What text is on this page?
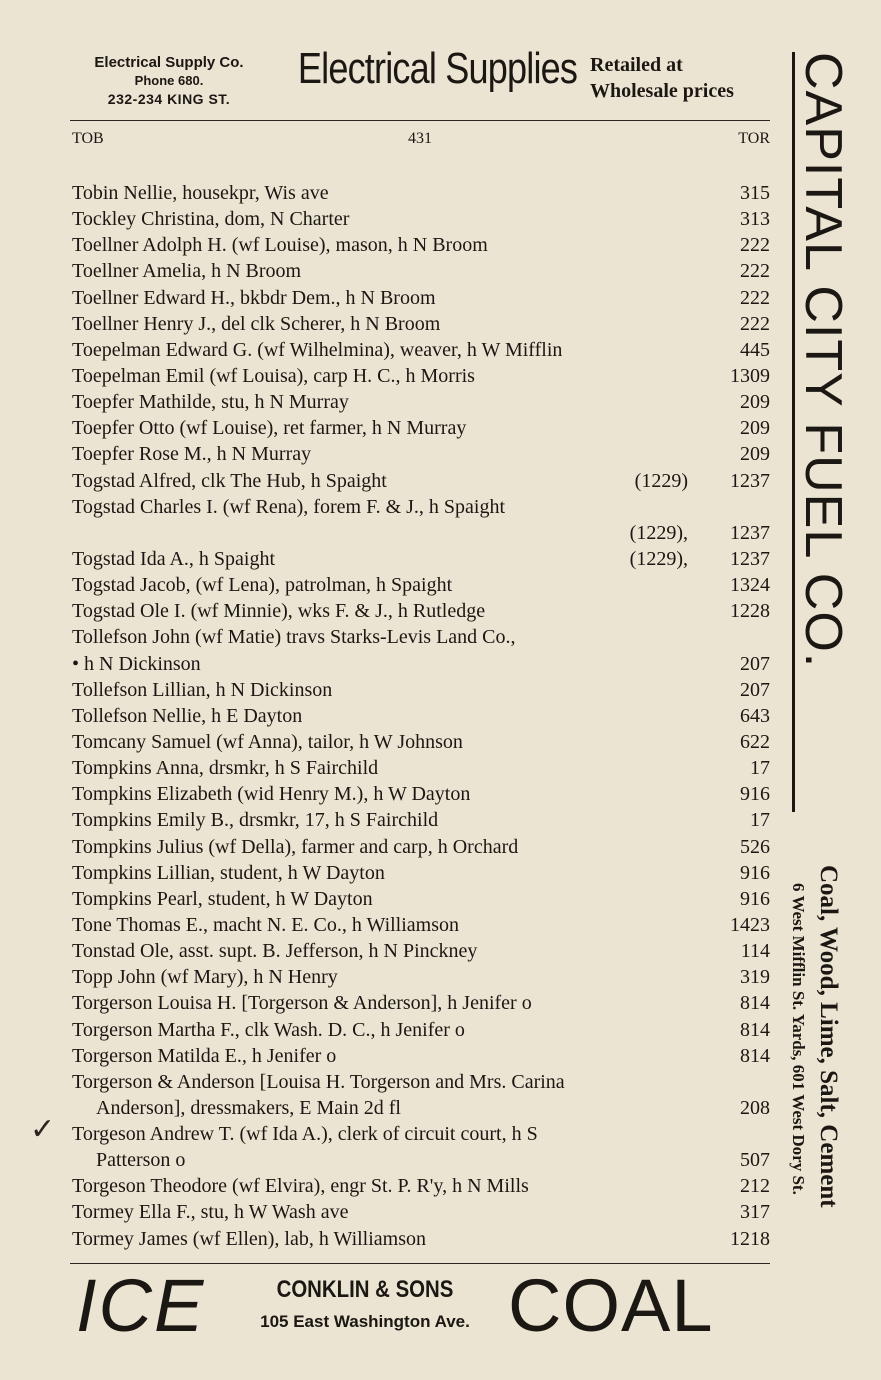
Electrical Supply Co.
Phone 680.
232-234 KING ST.
Electrical Supplies Retailed at
Wholesale prices
TOB	431	TOR
Tobin Nellie, housekpr, Wis ave	315
Tockley Christina, dom, N Charter	313
Toellner Adolph H. (wf Louise), mason, h N Broom	222
Toellner Amelia, h N Broom	222
Toellner Edward H., bkbdr Dem., h N Broom	222
Toellner Henry J., del clk Scherer, h N Broom	222
Toepelman Edward G. (wf Wilhelmina), weaver, h W Mifflin	445
Toepelman Emil (wf Louisa), carp H. C., h Morris	1309
Toepfer Mathilde, stu, h N Murray	209
Toepfer Otto (wf Louise), ret farmer, h N Murray	209
Toepfer Rose M., h N Murray	209
Togstad Alfred, clk The Hub, h Spaight	(1229) 1237
Togstad Charles I. (wf Rena), forem F. & J., h Spaight
(1229), 1237
Togstad Ida A., h Spaight	(1229), 1237
Togstad Jacob, (wf Lena), patrolman, h Spaight	1324
Togstad Ole I. (wf Minnie), wks F. & J., h Rutledge	1228
Tollefson John (wf Matie) travs Starks-Levis Land Co.,
• h N Dickinson	207
Tollefson Lillian, h N Dickinson	207
Tollefson Nellie, h E Dayton	643
Tomcany Samuel (wf Anna), tailor, h W Johnson	622
Tompkins Anna, drsmkr, h S Fairchild	17
Tompkins Elizabeth (wid Henry M.), h W Dayton	916
Tompkins Emily B., drsmkr, 17, h S Fairchild	17
Tompkins Julius (wf Della), farmer and carp, h Orchard	526
Tompkins Lillian, student, h W Dayton	916
Tompkins Pearl, student, h W Dayton	916
Tone Thomas E., macht N. E. Co., h Williamson	1423
Tonstad Ole, asst. supt. B. Jefferson, h N Pinckney	114
Topp John (wf Mary), h N Henry	319
Torgerson Louisa H. [Torgerson & Anderson], h Jenifer o	814
Torgerson Martha F., clk Wash. D. C., h Jenifer o	814
Torgerson Matilda E., h Jenifer o	814
Torgerson & Anderson [Louisa H. Torgerson and Mrs. Carina
Anderson], dressmakers, E Main 2d fl	208
Torgeson Andrew T. (wf Ida A.), clerk of circuit court, h S
Patterson o	507
Torgeson Theodore (wf Elvira), engr St. P. R'y, h N Mills	212
Tormey Ella F., stu, h W Wash ave	317
Tormey James (wf Ellen), lab, h Williamson	1218
✓
CAPITAL CITY FUEL CO.
Coal, Wood, Lime, Salt, Cement
6 West Mifflin St. Yards, 601 West Dory St.
ICE	CONKLIN & SONS
105 East Washington Ave. COAL
